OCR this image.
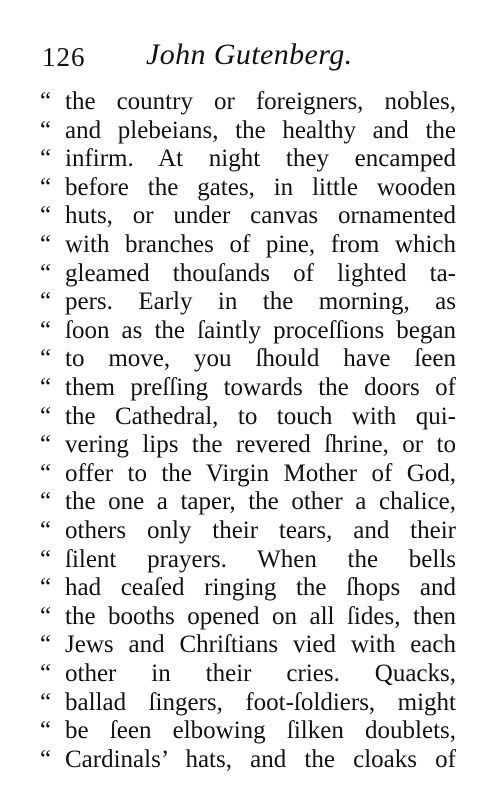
126 John Gutenberg.
“ the country or foreigners, nobles,
“ and plebeians, the healthy and the
“ infirm. At night they encamped
“ before the gates, in little wooden
“ huts, or under canvas ornamented
“ with branches of pine, from which
“ gleamed thouſands of lighted ta-
“ pers. Early in the morning, as
“ ſoon as the ſaintly proceſſions began
“ to move, you ſhould have ſeen
“ them preſſing towards the doors of
“ the Cathedral, to touch with qui-
“ vering lips the revered ſhrine, or to
“ offer to the Virgin Mother of God,
“ the one a taper, the other a chalice,
“ others only their tears, and their
“ ſilent prayers. When the bells
“ had ceaſed ringing the ſhops and
“ the booths opened on all ſides, then
“ Jews and Chriſtians vied with each
“ other in their cries. Quacks,
“ ballad ſingers, foot-ſoldiers, might
“ be ſeen elbowing ſilken doublets,
“ Cardinals’ hats, and the cloaks of
